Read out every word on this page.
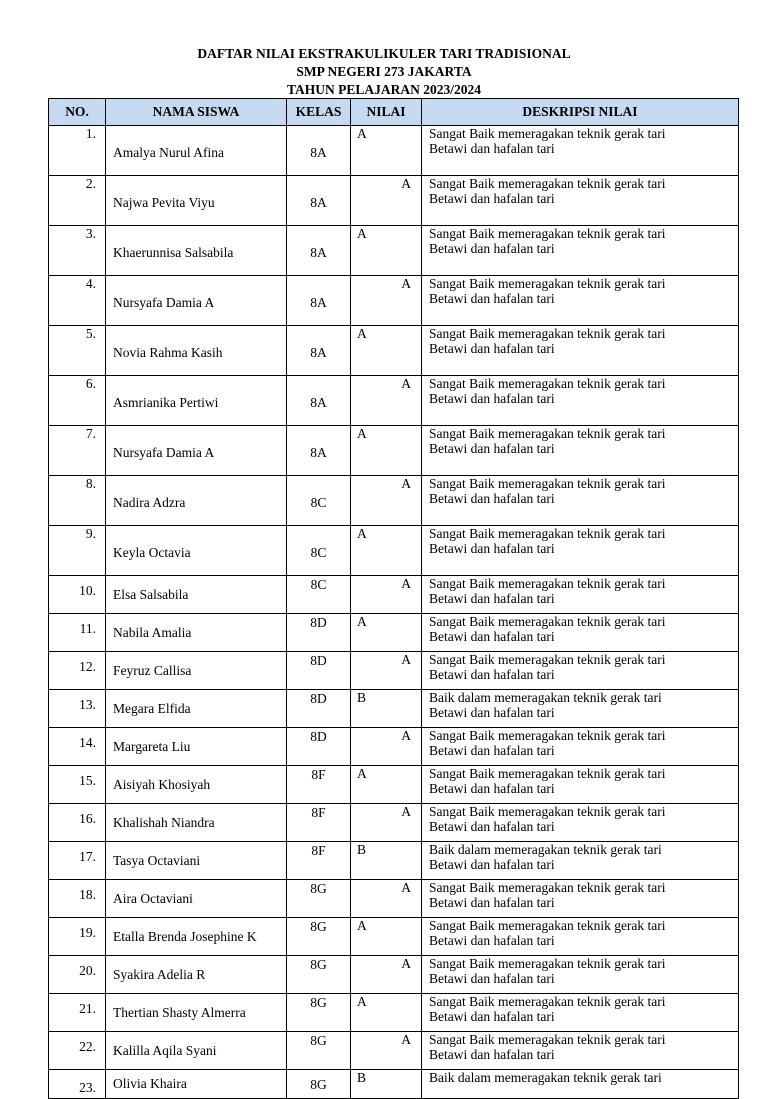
DAFTAR NILAI EKSTRAKULIKULER TARI TRADISIONAL
SMP NEGERI 273 JAKARTA
TAHUN PELAJARAN 2023/2024
NO.	NAMA SISWA	KELAS	NILAI	DESKRIPSI NILAI
1.	Amalya Nurul Afina	8A	A	Sangat Baik memeragakan teknik gerak tari
Betawi dan hafalan tari

2.	Najwa Pevita Viyu	8A	A	Sangat Baik memeragakan teknik gerak tari
Betawi dan hafalan tari

3.	Khaerunnisa Salsabila	8A	A	Sangat Baik memeragakan teknik gerak tari
Betawi dan hafalan tari

4.	Nursyafa Damia A	8A	A	Sangat Baik memeragakan teknik gerak tari
Betawi dan hafalan tari

5.	Novia Rahma Kasih	8A	A	Sangat Baik memeragakan teknik gerak tari
Betawi dan hafalan tari

6.	Asmrianika Pertiwi	8A	A	Sangat Baik memeragakan teknik gerak tari
Betawi dan hafalan tari

7.	Nursyafa Damia A	8A	A	Sangat Baik memeragakan teknik gerak tari
Betawi dan hafalan tari

8.	Nadira Adzra	8C	A	Sangat Baik memeragakan teknik gerak tari
Betawi dan hafalan tari

9.	Keyla Octavia	8C	A	Sangat Baik memeragakan teknik gerak tari
Betawi dan hafalan tari

10.	Elsa Salsabila	8C	A	Sangat Baik memeragakan teknik gerak tari
Betawi dan hafalan tari

11.	Nabila Amalia	8D	A	Sangat Baik memeragakan teknik gerak tari
Betawi dan hafalan tari

12.	Feyruz Callisa	8D	A	Sangat Baik memeragakan teknik gerak tari
Betawi dan hafalan tari

13.	Megara Elfida	8D	B	Baik dalam memeragakan teknik gerak tari
Betawi dan hafalan tari

14.	Margareta Liu	8D	A	Sangat Baik memeragakan teknik gerak tari
Betawi dan hafalan tari

15.	Aisiyah Khosiyah	8F	A	Sangat Baik memeragakan teknik gerak tari
Betawi dan hafalan tari

16.	Khalishah Niandra	8F	A	Sangat Baik memeragakan teknik gerak tari
Betawi dan hafalan tari

17.	Tasya Octaviani	8F	B	Baik dalam memeragakan teknik gerak tari
Betawi dan hafalan tari

18.	Aira Octaviani	8G	A	Sangat Baik memeragakan teknik gerak tari
Betawi dan hafalan tari

19.	Etalla Brenda Josephine K	8G	A	Sangat Baik memeragakan teknik gerak tari
Betawi dan hafalan tari

20.	Syakira Adelia R	8G	A	Sangat Baik memeragakan teknik gerak tari
Betawi dan hafalan tari

21.	Thertian Shasty Almerra	8G	A	Sangat Baik memeragakan teknik gerak tari
Betawi dan hafalan tari

22.	Kalilla Aqila Syani	8G	A	Sangat Baik memeragakan teknik gerak tari
Betawi dan hafalan tari

23.	Olivia Khaira	8G	B	Baik dalam memeragakan teknik gerak tari
